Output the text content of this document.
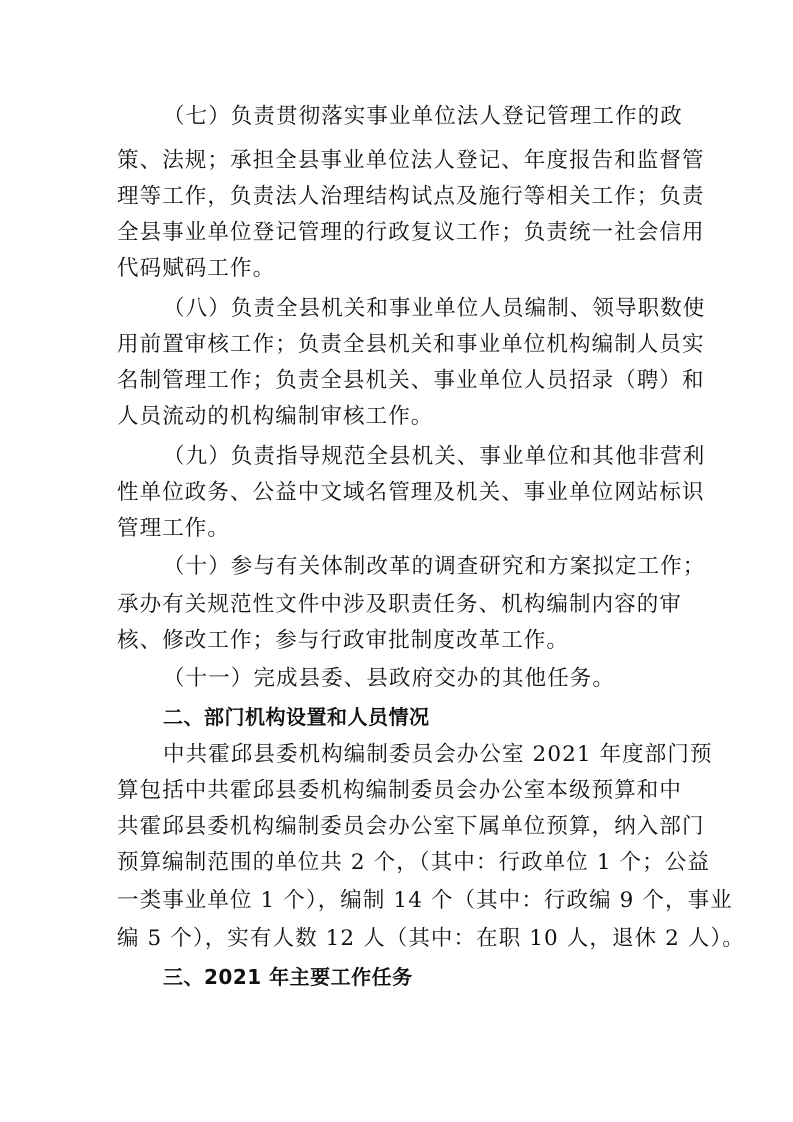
（七）负责贯彻落实事业单位法人登记管理工作的政
策、法规；承担全县事业单位法人登记、年度报告和监督管
理等工作，负责法人治理结构试点及施行等相关工作；负责
全县事业单位登记管理的行政复议工作；负责统一社会信用
代码赋码工作。
（八）负责全县机关和事业单位人员编制、领导职数使
用前置审核工作；负责全县机关和事业单位机构编制人员实
名制管理工作；负责全县机关、事业单位人员招录（聘）和
人员流动的机构编制审核工作。
（九）负责指导规范全县机关、事业单位和其他非营利
性单位政务、公益中文域名管理及机关、事业单位网站标识
管理工作。
（十）参与有关体制改革的调查研究和方案拟定工作；
承办有关规范性文件中涉及职责任务、机构编制内容的审
核、修改工作；参与行政审批制度改革工作。
（十一）完成县委、县政府交办的其他任务。
二、部门机构设置和人员情况
中共霍邱县委机构编制委员会办公室 2021 年度部门预
算包括中共霍邱县委机构编制委员会办公室本级预算和中
共霍邱县委机构编制委员会办公室下属单位预算，纳入部门
预算编制范围的单位共 2 个，（其中：行政单位 1 个；公益
一类事业单位 1 个），编制 14 个（其中：行政编 9 个，事业
编 5 个），实有人数 12 人（其中：在职 10 人，退休 2 人）。
三、2021 年主要工作任务
